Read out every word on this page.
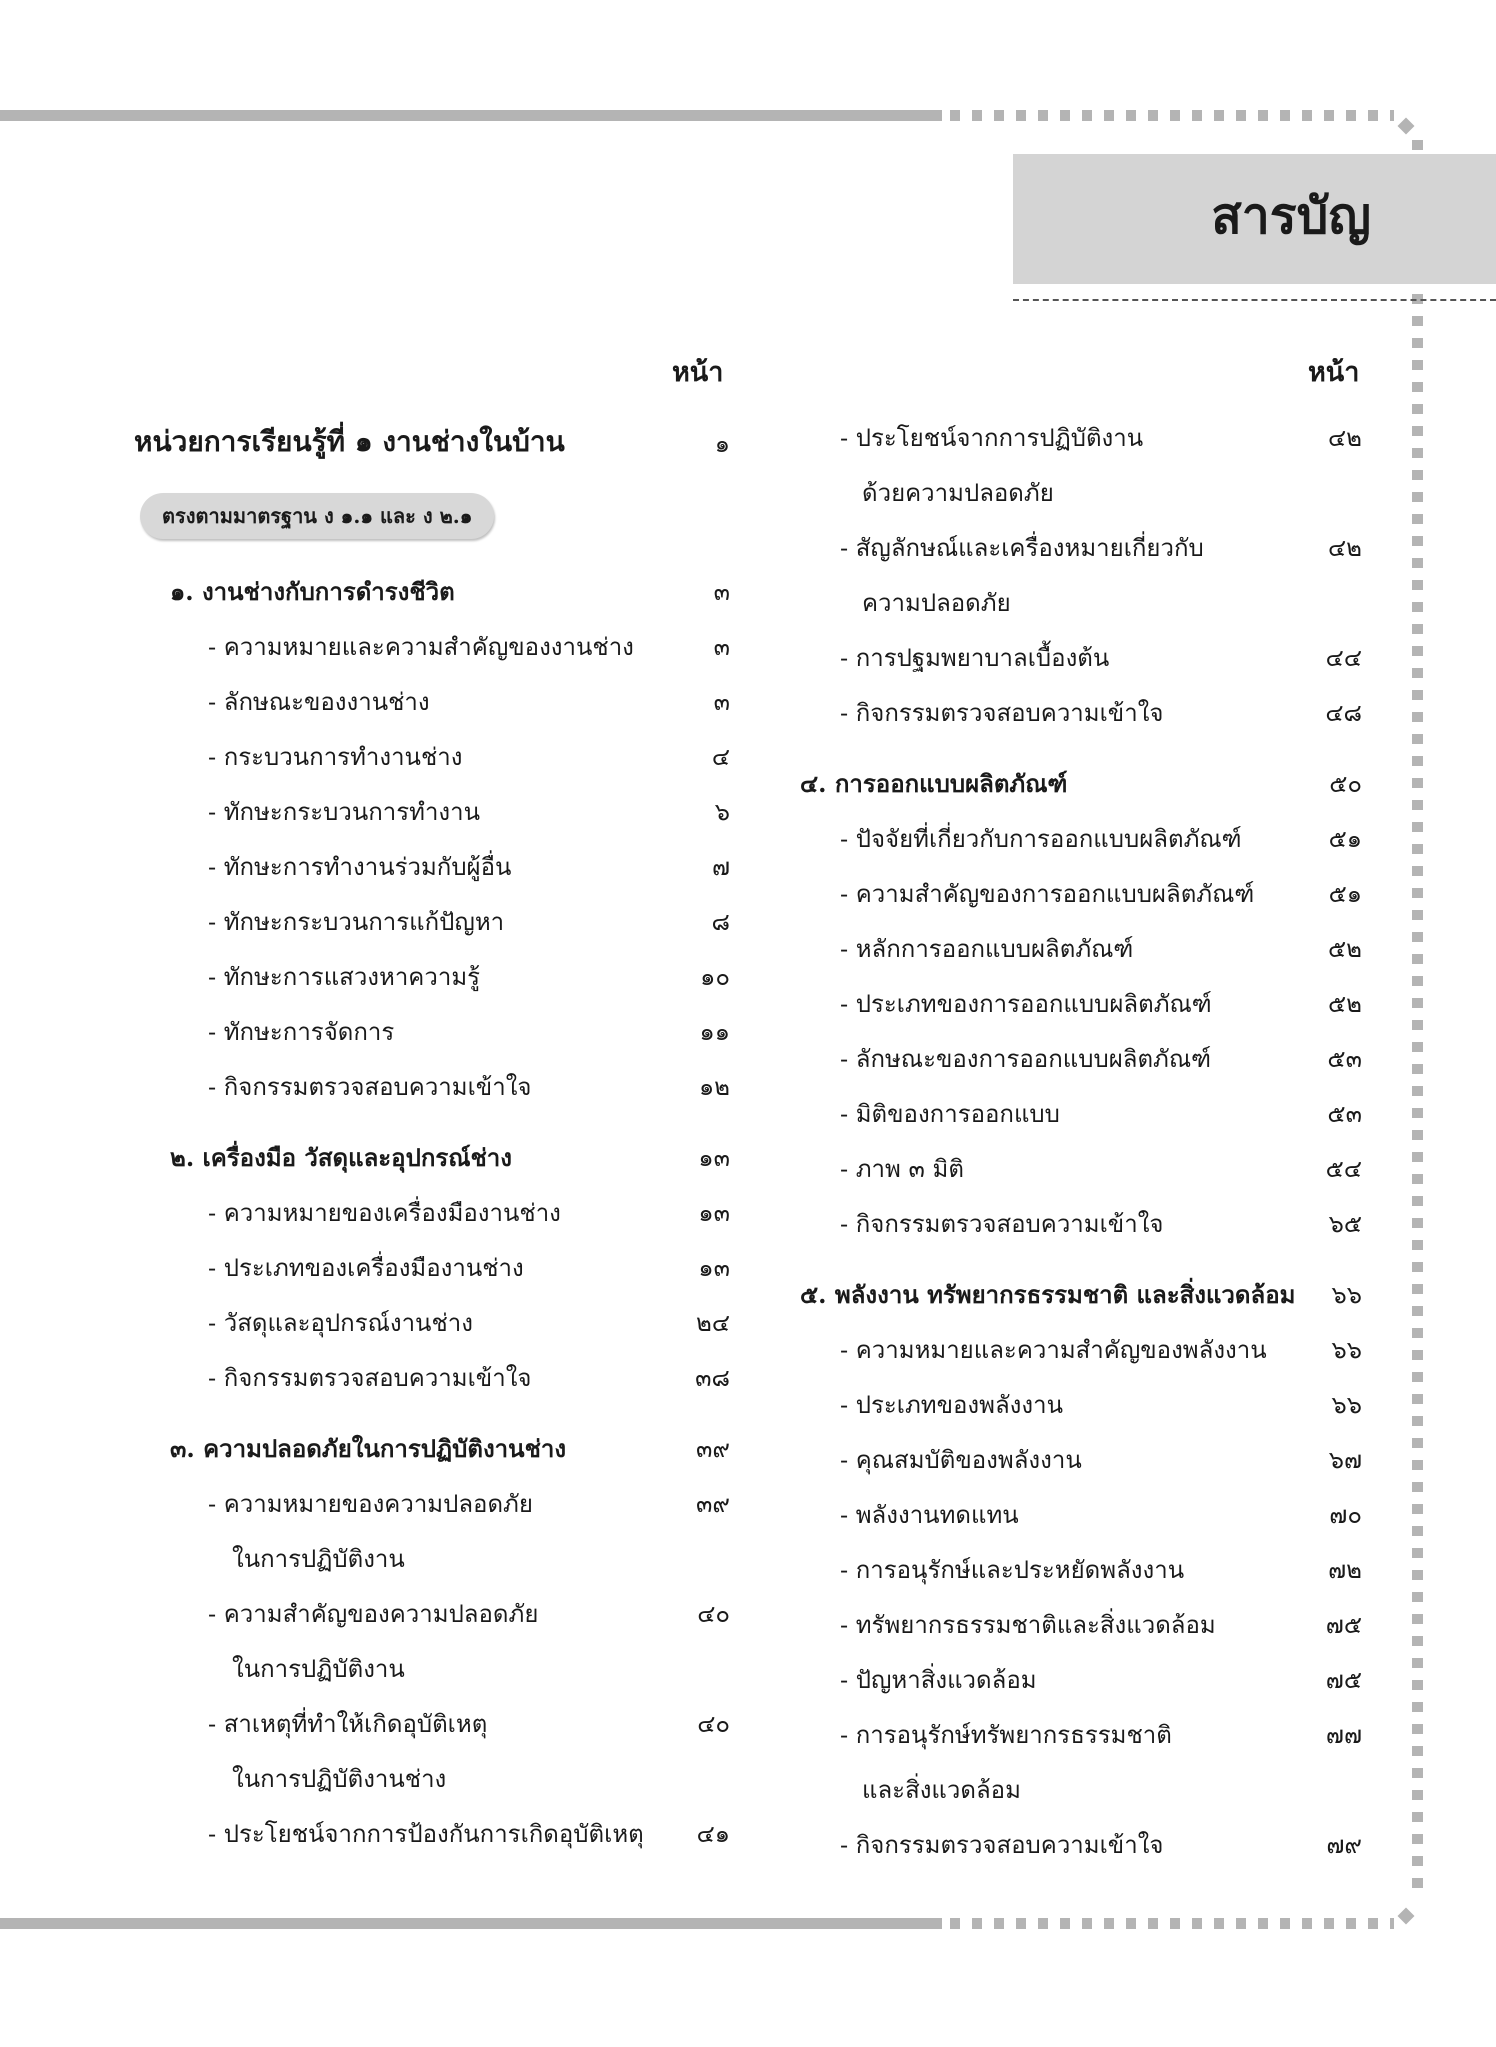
สารบัญ
หน้า	หน้า
หน่วยการเรียนรู้ที่ ๑ งานช่างในบ้าน	๑
ตรงตามมาตรฐาน ง ๑.๑ และ ง ๒.๑
๑. งานช่างกับการดำรงชีวิต	๓
- ความหมายและความสำคัญของงานช่าง	๓
- ลักษณะของงานช่าง	๓
- กระบวนการทำงานช่าง	๔
- ทักษะกระบวนการทำงาน	๖
- ทักษะการทำงานร่วมกับผู้อื่น	๗
- ทักษะกระบวนการแก้ปัญหา	๘
- ทักษะการแสวงหาความรู้	๑๐
- ทักษะการจัดการ	๑๑
- กิจกรรมตรวจสอบความเข้าใจ	๑๒
๒. เครื่องมือ วัสดุและอุปกรณ์ช่าง	๑๓
- ความหมายของเครื่องมืองานช่าง	๑๓
- ประเภทของเครื่องมืองานช่าง	๑๓
- วัสดุและอุปกรณ์งานช่าง	๒๔
- กิจกรรมตรวจสอบความเข้าใจ	๓๘
๓. ความปลอดภัยในการปฏิบัติงานช่าง	๓๙
- ความหมายของความปลอดภัย	๓๙
ในการปฏิบัติงาน
- ความสำคัญของความปลอดภัย	๔๐
ในการปฏิบัติงาน
- สาเหตุที่ทำให้เกิดอุบัติเหตุ	๔๐
ในการปฏิบัติงานช่าง
- ประโยชน์จากการป้องกันการเกิดอุบัติเหตุ	๔๑
- ประโยชน์จากการปฏิบัติงาน	๔๒
ด้วยความปลอดภัย
- สัญลักษณ์และเครื่องหมายเกี่ยวกับ	๔๒
ความปลอดภัย
- การปฐมพยาบาลเบื้องต้น	๔๔
- กิจกรรมตรวจสอบความเข้าใจ	๔๘
๔. การออกแบบผลิตภัณฑ์	๕๐
- ปัจจัยที่เกี่ยวกับการออกแบบผลิตภัณฑ์	๕๑
- ความสำคัญของการออกแบบผลิตภัณฑ์	๕๑
- หลักการออกแบบผลิตภัณฑ์	๕๒
- ประเภทของการออกแบบผลิตภัณฑ์	๕๒
- ลักษณะของการออกแบบผลิตภัณฑ์	๕๓
- มิติของการออกแบบ	๕๓
- ภาพ ๓ มิติ	๕๔
- กิจกรรมตรวจสอบความเข้าใจ	๖๕
๕. พลังงาน ทรัพยากรธรรมชาติ และสิ่งแวดล้อม	๖๖
- ความหมายและความสำคัญของพลังงาน	๖๖
- ประเภทของพลังงาน	๖๖
- คุณสมบัติของพลังงาน	๖๗
- พลังงานทดแทน	๗๐
- การอนุรักษ์และประหยัดพลังงาน	๗๒
- ทรัพยากรธรรมชาติและสิ่งแวดล้อม	๗๕
- ปัญหาสิ่งแวดล้อม	๗๕
- การอนุรักษ์ทรัพยากรธรรมชาติ	๗๗
และสิ่งแวดล้อม
- กิจกรรมตรวจสอบความเข้าใจ	๗๙
